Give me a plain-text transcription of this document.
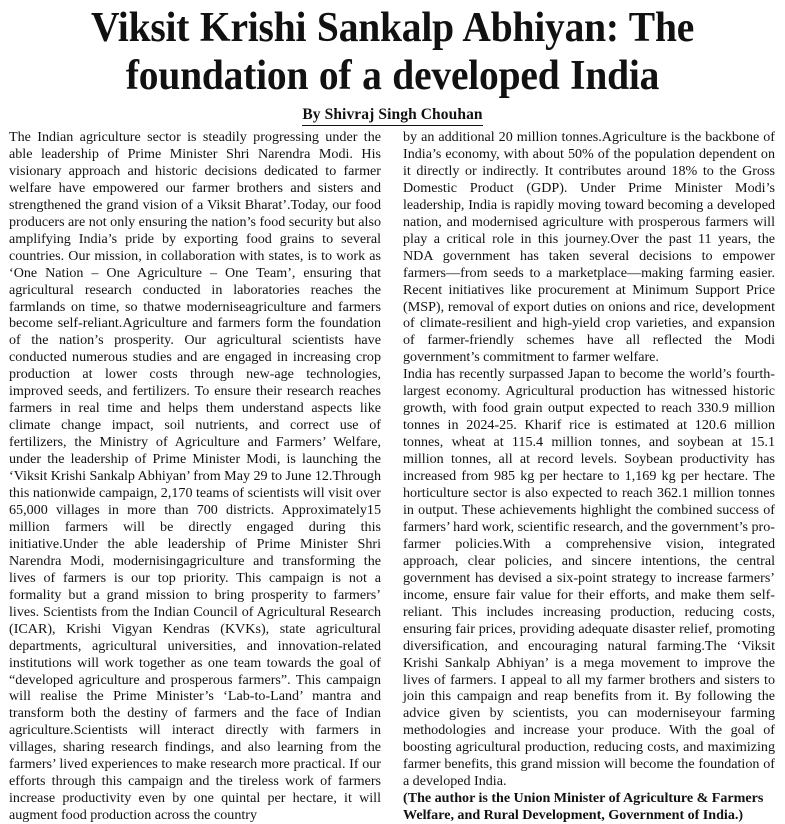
Viksit Krishi Sankalp Abhiyan: The
foundation of a developed India
By Shivraj Singh Chouhan

The Indian agriculture sector is steadily progressing under the able leadership of Prime Minister Shri Narendra Modi. His visionary approach and historic decisions dedicated to farmer welfare have empowered our farmer brothers and sisters and strengthened the grand vision of a Viksit Bharat’.Today, our food producers are not only ensuring the nation’s food security but also amplifying India’s pride by exporting food grains to several countries. Our mission, in collaboration with states, is to work as ‘One Nation – One Agriculture – One Team’, ensuring that agricultural research conducted in laboratories reaches the farmlands on time, so thatwe moderniseagriculture and farmers become self-reliant.Agriculture and farmers form the foundation of the nation’s prosperity. Our agricultural scientists have conducted numerous studies and are engaged in increasing crop production at lower costs through new-age technologies, improved seeds, and fertilizers. To ensure their research reaches farmers in real time and helps them understand aspects like climate change impact, soil nutrients, and correct use of fertilizers, the Ministry of Agriculture and Farmers’ Welfare, under the leadership of Prime Minister Modi, is launching the ‘Viksit Krishi Sankalp Abhiyan’ from May 29 to June 12.Through this nationwide campaign, 2,170 teams of scientists will visit over 65,000 villages in more than 700 districts. Approximately15 million farmers will be directly engaged during this initiative.Under the able leadership of Prime Minister Shri Narendra Modi, modernisingagriculture and transforming the lives of farmers is our top priority. This campaign is not a formality but a grand mission to bring prosperity to farmers’ lives. Scientists from the Indian Council of Agricultural Research (ICAR), Krishi Vigyan Kendras (KVKs), state agricultural departments, agricultural universities, and innovation-related institutions will work together as one team towards the goal of “developed agriculture and prosperous farmers”. This campaign will realise the Prime Minister’s ‘Lab-to-Land’ mantra and transform both the destiny of farmers and the face of Indian agriculture.Scientists will interact directly with farmers in villages, sharing research findings, and also learning from the farmers’ lived experiences to make research more practical. If our efforts through this campaign and the tireless work of farmers increase productivity even by one quintal per hectare, it will augment food production across the country

by an additional 20 million tonnes.Agriculture is the backbone of India’s economy, with about 50% of the population dependent on it directly or indirectly. It contributes around 18% to the Gross Domestic Product (GDP). Under Prime Minister Modi’s leadership, India is rapidly moving toward becoming a developed nation, and modernised agriculture with prosperous farmers will play a critical role in this journey.Over the past 11 years, the NDA government has taken several decisions to empower farmers—from seeds to a marketplace—making farming easier. Recent initiatives like procurement at Minimum Support Price (MSP), removal of export duties on onions and rice, development of climate-resilient and high-yield crop varieties, and expansion of farmer-friendly schemes have all reflected the Modi government’s commitment to farmer welfare.

India has recently surpassed Japan to become the world’s fourth-largest economy. Agricultural production has witnessed historic growth, with food grain output expected to reach 330.9 million tonnes in 2024-25. Kharif rice is estimated at 120.6 million tonnes, wheat at 115.4 million tonnes, and soybean at 15.1 million tonnes, all at record levels. Soybean productivity has increased from 985 kg per hectare to 1,169 kg per hectare. The horticulture sector is also expected to reach 362.1 million tonnes in output. These achievements highlight the combined success of farmers’ hard work, scientific research, and the government’s pro-farmer policies.With a comprehensive vision, integrated approach, clear policies, and sincere intentions, the central government has devised a six-point strategy to increase farmers’ income, ensure fair value for their efforts, and make them self-reliant. This includes increasing production, reducing costs, ensuring fair prices, providing adequate disaster relief, promoting diversification, and encouraging natural farming.The ‘Viksit Krishi Sankalp Abhiyan’ is a mega movement to improve the lives of farmers. I appeal to all my farmer brothers and sisters to join this campaign and reap benefits from it. By following the advice given by scientists, you can moderniseyour farming methodologies and increase your produce. With the goal of boosting agricultural production, reducing costs, and maximizing farmer benefits, this grand mission will become the foundation of a developed India.

(The author is the Union Minister of Agriculture & Farmers Welfare, and Rural Development, Government of India.)
